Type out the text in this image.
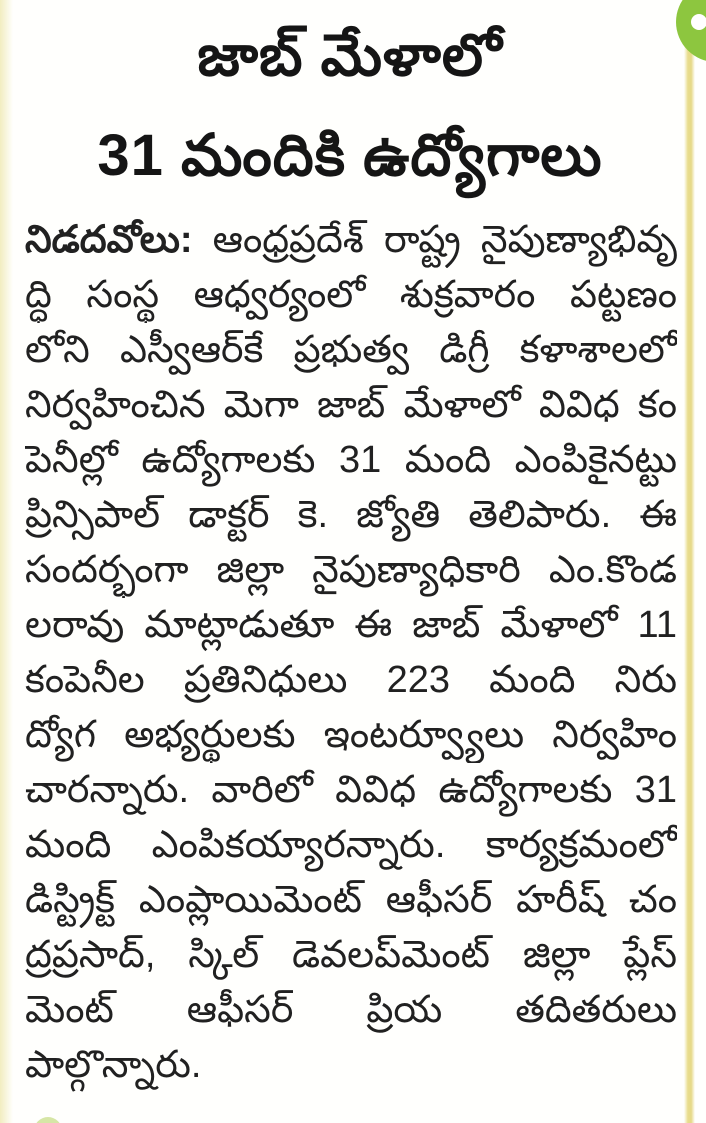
జాబ్ మేళాలో
31 మందికి ఉద్యోగాలు
నిడదవోలు: ఆంధ్రప్రదేశ్ రాష్ట్ర నైపుణ్యాభివృ
ద్ధి సంస్థ ఆధ్వర్యంలో శుక్రవారం పట్టణం
లోని ఎస్వీఆర్‌కే ప్రభుత్వ డిగ్రీ కళాశాలలో
నిర్వహించిన మెగా జాబ్ మేళాలో వివిధ కం
పెనీల్లో ఉద్యోగాలకు 31 మంది ఎంపికైనట్టు
ప్రిన్సిపాల్ డాక్టర్ కె. జ్యోతి తెలిపారు. ఈ
సందర్భంగా జిల్లా నైపుణ్యాధికారి ఎం.కొండ
లరావు మాట్లాడుతూ ఈ జాబ్ మేళాలో 11
కంపెనీల ప్రతినిధులు 223 మంది నిరు
ద్యోగ అభ్యర్థులకు ఇంటర్వ్యూలు నిర్వహిం
చారన్నారు. వారిలో వివిధ ఉద్యోగాలకు 31
మంది ఎంపికయ్యారన్నారు. కార్యక్రమంలో
డిస్ట్రిక్ట్ ఎంప్లాయిమెంట్ ఆఫీసర్ హరీష్ చం
ద్రప్రసాద్, స్కిల్ డెవలప్‌మెంట్ జిల్లా ప్లేస్
మెంట్ ఆఫీసర్ ప్రియ తదితరులు
పాల్గొన్నారు.
